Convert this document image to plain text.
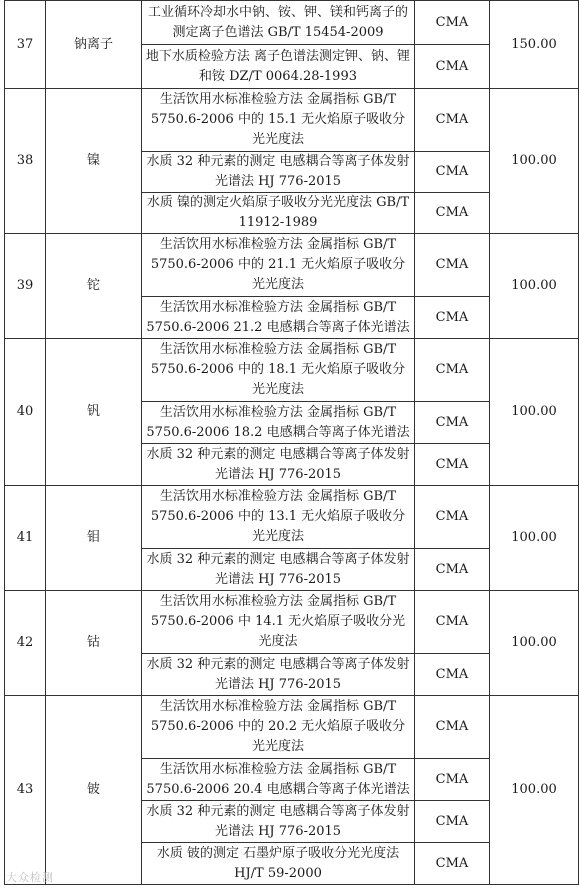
37	钠离子	工业循环冷却水中钠、铵、钾、镁和钙离子的测定离子色谱法 GB/T 15454-2009	CMA	150.00
		地下水质检验方法 离子色谱法测定钾、钠、锂和铵 DZ/T 0064.28-1993	CMA	
38	镍	生活饮用水标准检验方法 金属指标 GB/T 5750.6-2006 中的 15.1 无火焰原子吸收分光光度法	CMA	100.00
		水质 32 种元素的测定 电感耦合等离子体发射光谱法 HJ 776-2015	CMA	
		水质 镍的测定火焰原子吸收分光光度法 GB/T 11912-1989	CMA	
39	铊	生活饮用水标准检验方法 金属指标 GB/T 5750.6-2006 中的 21.1 无火焰原子吸收分光光度法	CMA	100.00
		生活饮用水标准检验方法 金属指标 GB/T 5750.6-2006 21.2 电感耦合等离子体光谱法	CMA	
40	钒	生活饮用水标准检验方法 金属指标 GB/T 5750.6-2006 中的 18.1 无火焰原子吸收分光光度法	CMA	100.00
		生活饮用水标准检验方法 金属指标 GB/T 5750.6-2006 18.2 电感耦合等离子体光谱法	CMA	
		水质 32 种元素的测定 电感耦合等离子体发射光谱法 HJ 776-2015	CMA	
41	钼	生活饮用水标准检验方法 金属指标 GB/T 5750.6-2006 中的 13.1 无火焰原子吸收分光光度法	CMA	100.00
		水质 32 种元素的测定 电感耦合等离子体发射光谱法 HJ 776-2015	CMA	
42	钴	生活饮用水标准检验方法 金属指标 GB/T 5750.6-2006 中 14.1 无火焰原子吸收分光光度法	CMA	100.00
		水质 32 种元素的测定 电感耦合等离子体发射光谱法 HJ 776-2015	CMA	
43	铍	生活饮用水标准检验方法 金属指标 GB/T 5750.6-2006 中的 20.2 无火焰原子吸收分光光度法	CMA	100.00
		生活饮用水标准检验方法 金属指标 GB/T 5750.6-2006 20.4 电感耦合等离子体光谱法	CMA	
		水质 32 种元素的测定 电感耦合等离子体发射光谱法 HJ 776-2015	CMA	
		水质 铍的测定 石墨炉原子吸收分光光度法 HJ/T 59-2000	CMA	
大众检测
